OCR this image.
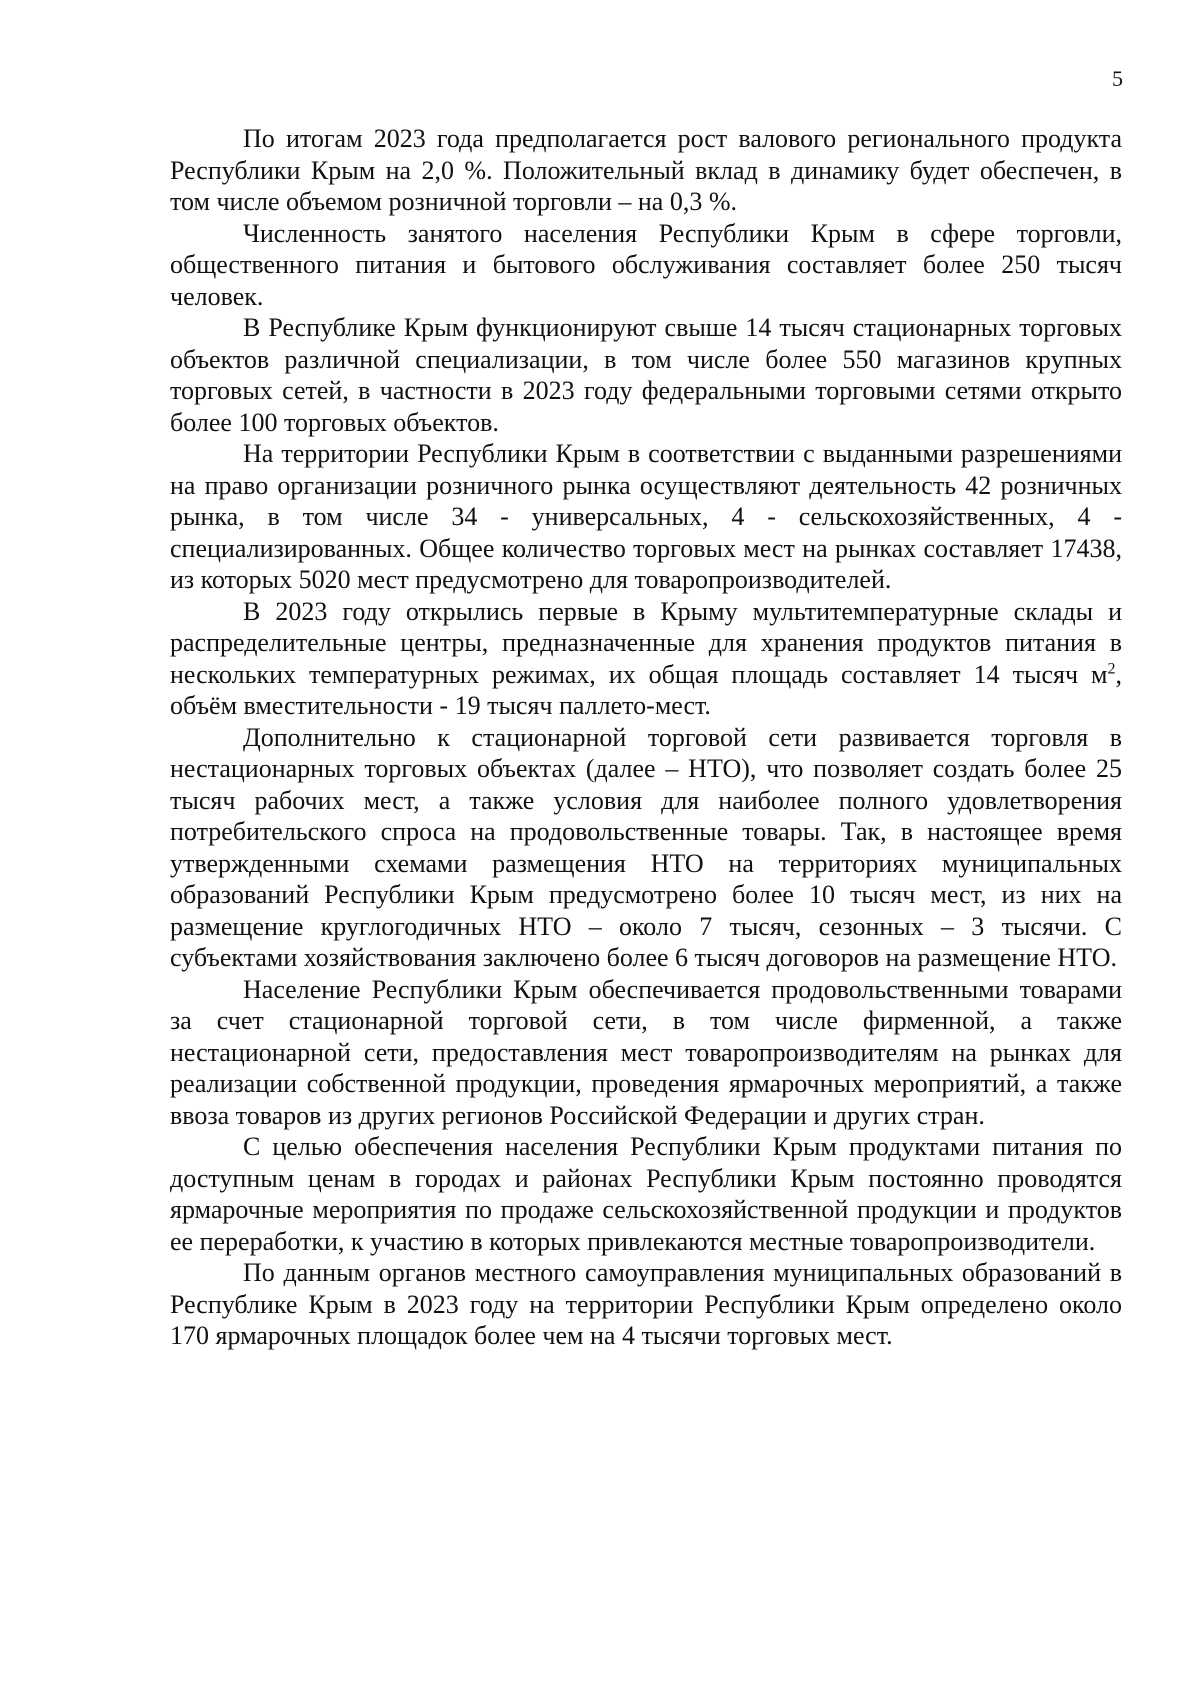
5

По итогам 2023 года предполагается рост валового регионального продукта Республики Крым на 2,0 %. Положительный вклад в динамику будет обеспечен, в том числе объемом розничной торговли – на 0,3 %.

Численность занятого населения Республики Крым в сфере торговли, общественного питания и бытового обслуживания составляет более 250 тысяч человек.

В Республике Крым функционируют свыше 14 тысяч стационарных торговых объектов различной специализации, в том числе более 550 магазинов крупных торговых сетей, в частности в 2023 году федеральными торговыми сетями открыто более 100 торговых объектов.

На территории Республики Крым в соответствии с выданными разрешениями на право организации розничного рынка осуществляют деятельность 42 розничных рынка, в том числе 34 - универсальных, 4 - сельскохозяйственных, 4 - специализированных. Общее количество торговых мест на рынках составляет 17438, из которых 5020 мест предусмотрено для товаропроизводителей.

В 2023 году открылись первые в Крыму мультитемпературные склады и распределительные центры, предназначенные для хранения продуктов питания в нескольких температурных режимах, их общая площадь составляет 14 тысяч $м^2$, объём вместительности - 19 тысяч паллето-мест.

Дополнительно к стационарной торговой сети развивается торговля в нестационарных торговых объектах (далее – НТО), что позволяет создать более 25 тысяч рабочих мест, а также условия для наиболее полного удовлетворения потребительского спроса на продовольственные товары. Так, в настоящее время утвержденными схемами размещения НТО на территориях муниципальных образований Республики Крым предусмотрено более 10 тысяч мест, из них на размещение круглогодичных НТО – около 7 тысяч, сезонных – 3 тысячи. С субъектами хозяйствования заключено более 6 тысяч договоров на размещение НТО.

Население Республики Крым обеспечивается продовольственными товарами за счет стационарной торговой сети, в том числе фирменной, а также нестационарной сети, предоставления мест товаропроизводителям на рынках для реализации собственной продукции, проведения ярмарочных мероприятий, а также ввоза товаров из других регионов Российской Федерации и других стран.

С целью обеспечения населения Республики Крым продуктами питания по доступным ценам в городах и районах Республики Крым постоянно проводятся ярмарочные мероприятия по продаже сельскохозяйственной продукции и продуктов ее переработки, к участию в которых привлекаются местные товаропроизводители.

По данным органов местного самоуправления муниципальных образований в Республике Крым в 2023 году на территории Республики Крым определено около 170 ярмарочных площадок более чем на 4 тысячи торговых мест.
